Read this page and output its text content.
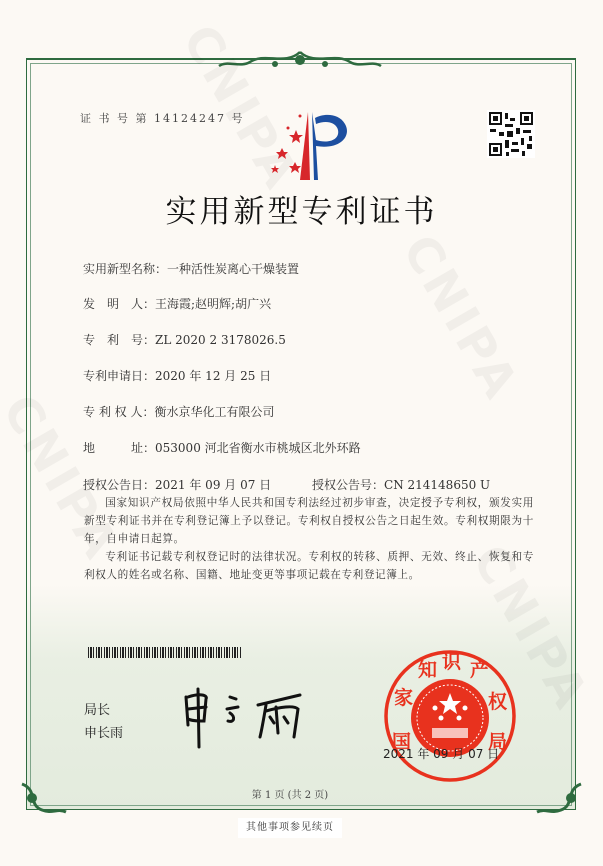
证 书 号 第 14124247 号
实用新型专利证书
实用新型名称：一种活性炭离心干燥装置
发　明　人：王海霞;赵明辉;胡广兴
专　利　号：ZL 2020 2 3178026.5
专利申请日：2020 年 12 月 25 日
专 利 权 人：衡水京华化工有限公司
地　　　址：053000 河北省衡水市桃城区北外环路
授权公告日：2021 年 09 月 07 日	授权公告号：CN 214148650 U

国家知识产权局依照中华人民共和国专利法经过初步审查，决定授予专利权，颁发实用新型专利证书并在专利登记簿上予以登记。专利权自授权公告之日起生效。专利权期限为十年，自申请日起算。

专利证书记载专利权登记时的法律状况。专利权的转移、质押、无效、终止、恢复和专利权人的姓名或名称、国籍、地址变更等事项记载在专利登记簿上。

局长
申长雨	国
家
知 识 产
权
局
2021 年 09 月 07 日
第 1 页 (共 2 页)
其他事项参见续页
